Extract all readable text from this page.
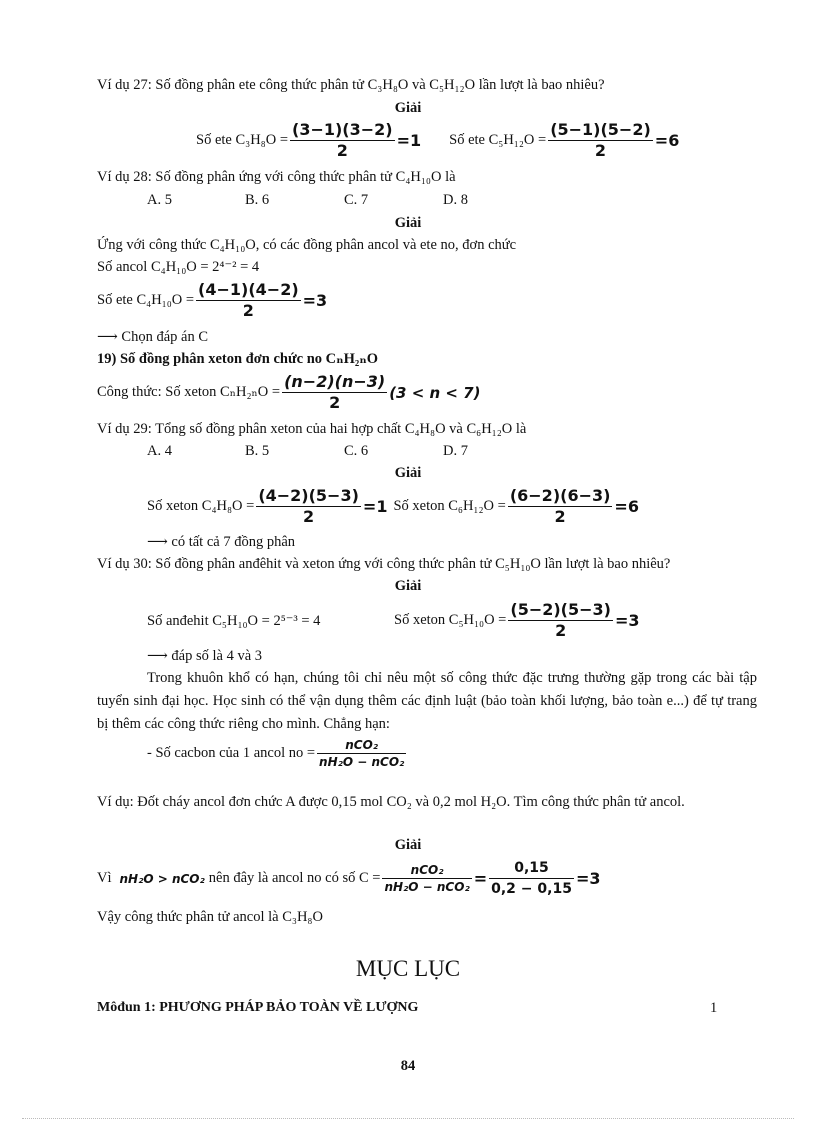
Ví dụ 27: Số đồng phân ete công thức phân tử C₃H₈O và C₅H₁₂O lần lượt là bao nhiêu?
Giải
Số ete $C_3H_8O = \frac{(3-1)(3-2)}{2} =1$ Số ete $C_5H_{12}O = \frac{(5-1)(5-2)}{2} =6$
Ví dụ 28: Số đồng phân ứng với công thức phân tử C₄H₁₀O là
A. 5	B. 6	C. 7	D. 8
Giải
Ứng với công thức C₄H₁₀O, có các đồng phân ancol và ete no, đơn chức
Số ancol C₄H₁₀O = 2⁴⁻² = 4
Số ete $C_4H_{10}O = \frac{(4-1)(4-2)}{2} =3$
⟶ Chọn đáp án C
19) Số đồng phân xeton đơn chức no CₙH₂ₙO
Công thức: Số xeton $C_nH_{2n}O = \frac{(n-2)(n-3)}{2} (3 < n < 7)$
Ví dụ 29: Tổng số đồng phân xeton của hai hợp chất C₄H₈O và C₆H₁₂O là
A. 4	B. 5	C. 6	D. 7
Giải
Số xeton $C_4H_8O = \frac{(4-2)(5-3)}{2} =1$ Số xeton $C_6H_{12}O = \frac{(6-2)(6-3)}{2} =6$
⟶ có tất cả 7 đồng phân
Ví dụ 30: Số đồng phân anđêhit và xeton ứng với công thức phân tử C₅H₁₀O lần lượt là bao nhiêu?
Giải
Số anđehit C₅H₁₀O = 2⁵⁻³ = 4	Số xeton $C_5H_{10}O = \frac{(5-2)(5-3)}{2} =3$
⟶ đáp số là 4 và 3
Trong khuôn khổ có hạn, chúng tôi chỉ nêu một số công thức đặc trưng thường gặp trong các bài tập tuyển sinh đại học. Học sinh có thể vận dụng thêm các định luật (bảo toàn khối lượng, bảo toàn e...) để tự trang bị thêm các công thức riêng cho mình. Chẳng hạn:
- Số cacbon của 1 ancol no = $\frac{\text{nCO₂}}{\text{nH₂O − nCO₂}}$
Ví dụ: Đốt cháy ancol đơn chức A được 0,15 mol CO₂ và 0,2 mol H₂O. Tìm công thức phân tử ancol.
Giải
Vì nH₂O > nCO₂ nên đây là ancol no có số $C = \frac{\text{nCO₂}}{\text{nH₂O − nCO₂}} = \frac{0,15}{0,2 - 0,15} =3$
Vậy công thức phân tử ancol là C₃H₈O
MỤC LỤC
Môđun 1: PHƯƠNG PHÁP BẢO TOÀN VỀ LƯỢNG	1
84
